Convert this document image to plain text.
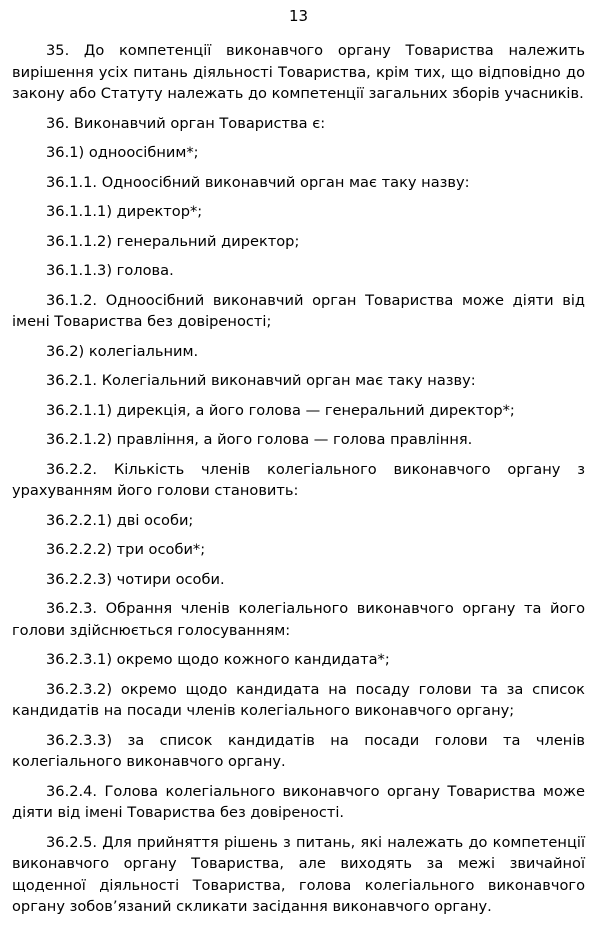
13

35. До компетенції виконавчого органу Товариства належить вирішення усіх питань діяльності Товариства, крім тих, що відповідно до закону або Статуту належать до компетенції загальних зборів учасників.

36. Виконавчий орган Товариства є:

36.1) одноосібним*;

36.1.1. Одноосібний виконавчий орган має таку назву:

36.1.1.1) директор*;

36.1.1.2) генеральний директор;

36.1.1.3) голова.

36.1.2. Одноосібний виконавчий орган Товариства може діяти від імені Товариства без довіреності;

36.2) колегіальним.

36.2.1. Колегіальний виконавчий орган має таку назву:

36.2.1.1) дирекція, а його голова — генеральний директор*;

36.2.1.2) правління, а його голова — голова правління.

36.2.2. Кількість членів колегіального виконавчого органу з урахуванням його голови становить:

36.2.2.1) дві особи;

36.2.2.2) три особи*;

36.2.2.3) чотири особи.

36.2.3. Обрання членів колегіального виконавчого органу та його голови здійснюється голосуванням:

36.2.3.1) окремо щодо кожного кандидата*;

36.2.3.2) окремо щодо кандидата на посаду голови та за список кандидатів на посади членів колегіального виконавчого органу;

36.2.3.3) за список кандидатів на посади голови та членів колегіального виконавчого органу.

36.2.4. Голова колегіального виконавчого органу Товариства може діяти від імені Товариства без довіреності.

36.2.5. Для прийняття рішень з питань, які належать до компетенції виконавчого органу Товариства, але виходять за межі звичайної щоденної діяльності Товариства, голова колегіального виконавчого органу зобов’язаний скликати засідання виконавчого органу.
